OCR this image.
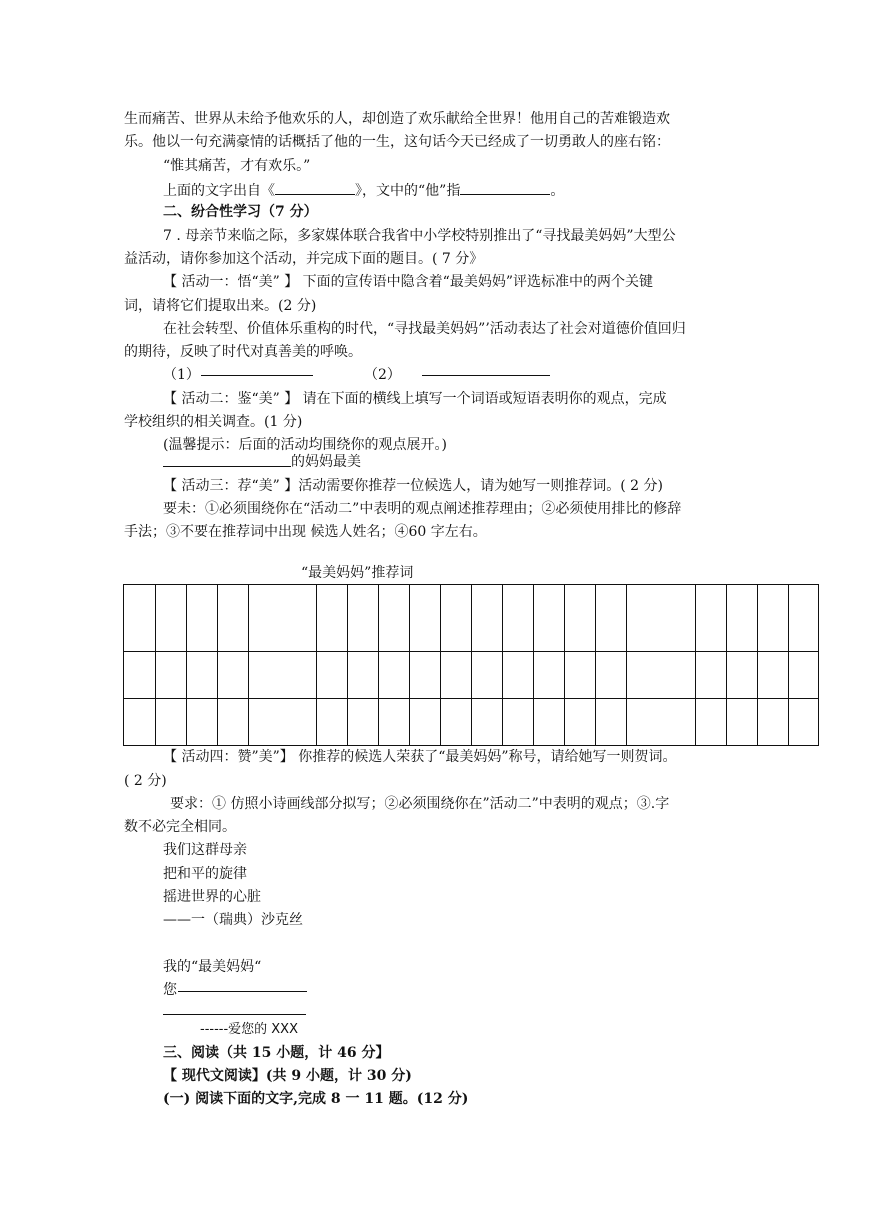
生而痛苦、世界从未给予他欢乐的人，却创造了欢乐献给全世界！他用自己的苦难锻造欢
乐。他以一句充满豪情的话概括了他的一生，这句话今天已经成了一切勇敢人的座右铭：
“惟其痛苦，才有欢乐。”
上面的文字出自《	》，文中的“他”指	。
二、纷合性学习（7 分）
7 . 母亲节来临之际，多家媒体联合我省中小学校特别推出了“寻找最美妈妈”大型公
益活动，请你参加这个活动，并完成下面的题目。( 7 分》
【 活动一：悟“美” 】 下面的宣传语中隐含着“最美妈妈”评选标准中的两个关键
词，请将它们提取出来。(2 分)
在社会转型、价值体乐重构的时代，“寻找最美妈妈”’活动表达了社会对道德价值回归
的期待，反映了时代对真善美的呼唤。
（1）	（2）
【 活动二：鉴“美” 】 请在下面的横线上填写一个词语或短语表明你的观点，完成
学校组织的相关调查。(1 分)
(温馨提示：后面的活动均围绕你的观点展开。)
的妈妈最美
【 活动三：荐“美” 】活动需要你推荐一位候选人，请为她写一则推荐词。( 2 分)
要未：①必须围绕你在“活动二”中表明的观点阐述推荐理由；②必须使用排比的修辞
手法；③不要在推荐词中出现 候选人姓名；④60 字左右。
“最美妈妈”推荐词

【 活动四：赞”美”】 你推荐的候选人荣获了“最美妈妈”称号，请给她写一则贺词。
( 2 分)
要求：① 仿照小诗画线部分拟写；②必须围绕你在”活动二”中表明的观点；③.字
数不必完全相同。
我们这群母亲
把和平的旋律
摇进世界的心脏
——一（瑞典）沙克丝
我的“最美妈妈“
您
------爱您的 XXX
三、阅读（共 15 小题，计 46 分】
【 现代文阅读】(共 9 小题，计 30 分)
(一) 阅读下面的文字,完成 8 一 11 题。(12 分)
